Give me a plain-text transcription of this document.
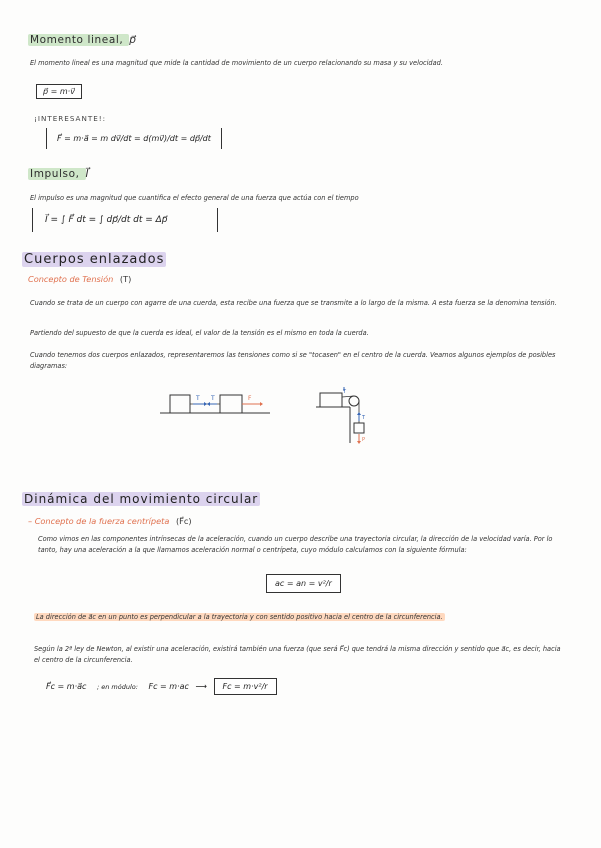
Momento lineal, p⃗
El momento lineal es una magnitud que mide la cantidad de movimiento de un cuerpo relacionando su masa y su velocidad.
p⃗ = m·v⃗
¡INTERESANTE!:
F⃗ = m·a⃗ = m dv⃗/dt = d(mv⃗)/dt = dp⃗/dt
Impulso, I⃗
El impulso es una magnitud que cuantifica el efecto general de una fuerza que actúa con el tiempo
I⃗ = ∫ F⃗ dt = ∫ dp⃗/dt dt = Δp⃗
Cuerpos enlazados
Concepto de Tensión (T)
Cuando se trata de un cuerpo con agarre de una cuerda, esta recibe una fuerza que se transmite a lo largo de la misma. A esta fuerza se la denomina tensión.
Partiendo del supuesto de que la cuerda es ideal, el valor de la tensión es el mismo en toda la cuerda.
Cuando tenemos dos cuerpos enlazados, representaremos las tensiones como si se "tocasen" en el centro de la cuerda. Veamos algunos ejemplos de posibles diagramas:
T T	F
T
T
P
Dinámica del movimiento circular
– Concepto de la fuerza centrípeta (F⃗c)
Como vimos en las componentes intrínsecas de la aceleración, cuando un cuerpo describe una trayectoria circular, la dirección de la velocidad varía. Por lo tanto, hay una aceleración a la que llamamos aceleración normal o centrípeta, cuyo módulo calculamos con la siguiente fórmula:
ac = an = v²/r
La dirección de a⃗c en un punto es perpendicular a la trayectoria y con sentido positivo hacia el centro de la circunferencia.
Según la 2ª ley de Newton, al existir una aceleración, existirá también una fuerza (que será F⃗c) que tendrá la misma dirección y sentido que a⃗c, es decir, hacia el centro de la circunferencia.
F⃗c = m·a⃗c ; en módulo: Fc = m·ac ⟶ Fc = m·v²/r
